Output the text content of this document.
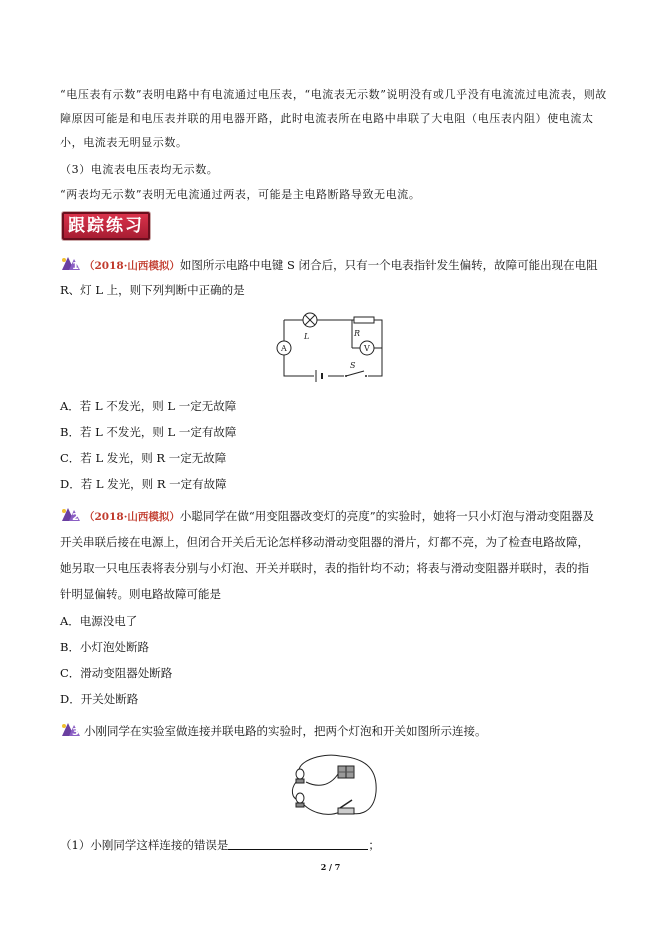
“电压表有示数”表明电路中有电流通过电压表，“电流表无示数”说明没有或几乎没有电流流过电流表，则故
障原因可能是和电压表并联的用电器开路，此时电流表所在电路中串联了大电阻（电压表内阻）使电流太
小，电流表无明显示数。
（3）电流表电压表均无示数。
“两表均无示数”表明无电流通过两表，可能是主电路断路导致无电流。
跟踪练习
1 （2018·山西模拟）如图所示电路中电键 S 闭合后，只有一个电表指针发生偏转，故障可能出现在电阻
R、灯 L 上，则下列判断中正确的是
L	R
V
A
S
A．若 L 不发光，则 L 一定无故障
B．若 L 不发光，则 L 一定有故障
C．若 L 发光，则 R 一定无故障
D．若 L 发光，则 R 一定有故障
2 （2018·山西模拟）小聪同学在做“用变阻器改变灯的亮度”的实验时，她将一只小灯泡与滑动变阻器及
开关串联后接在电源上，但闭合开关后无论怎样移动滑动变阻器的滑片，灯都不亮，为了检查电路故障，
她另取一只电压表将表分别与小灯泡、开关并联时，表的指针均不动；将表与滑动变阻器并联时，表的指
针明显偏转。则电路故障可能是
A．电源没电了
B．小灯泡处断路
C．滑动变阻器处断路
D．开关处断路
3 小刚同学在实验室做连接并联电路的实验时，把两个灯泡和开关如图所示连接。
（1）小刚同学这样连接的错误是	；
2 / 7
